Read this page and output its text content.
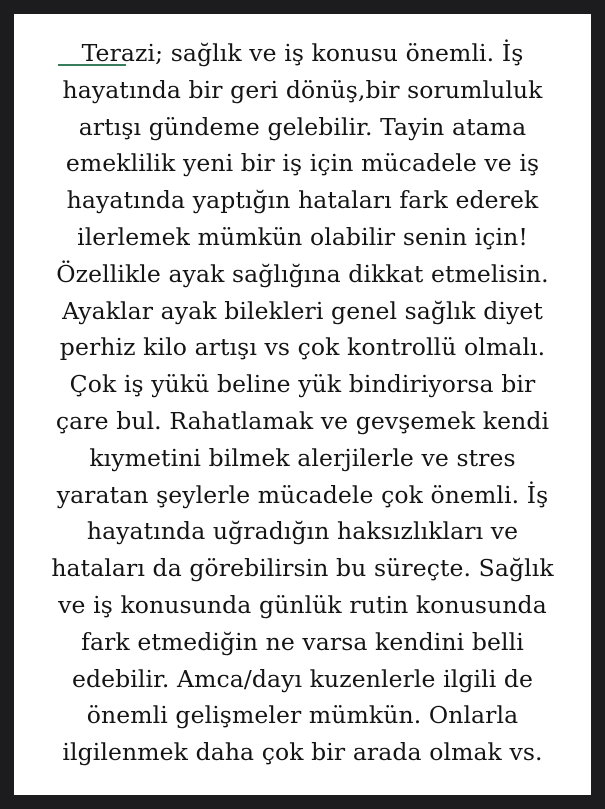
Terazi; sağlık ve iş konusu önemli. İş
hayatında bir geri dönüş,bir sorumluluk
artışı gündeme gelebilir. Tayin atama
emeklilik yeni bir iş için mücadele ve iş
hayatında yaptığın hataları fark ederek
ilerlemek mümkün olabilir senin için!
Özellikle ayak sağlığına dikkat etmelisin.
Ayaklar ayak bilekleri genel sağlık diyet
perhiz kilo artışı vs çok kontrollü olmalı.
Çok iş yükü beline yük bindiriyorsa bir
çare bul. Rahatlamak ve gevşemek kendi
kıymetini bilmek alerjilerle ve stres
yaratan şeylerle mücadele çok önemli. İş
hayatında uğradığın haksızlıkları ve
hataları da görebilirsin bu süreçte. Sağlık
ve iş konusunda günlük rutin konusunda
fark etmediğin ne varsa kendini belli
edebilir. Amca/dayı kuzenlerle ilgili de
önemli gelişmeler mümkün. Onlarla
ilgilenmek daha çok bir arada olmak vs.
